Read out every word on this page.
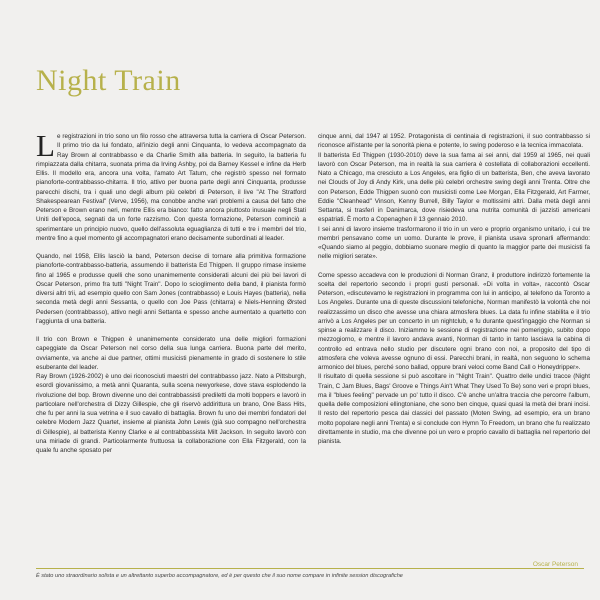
Night Train

Le registrazioni in trio sono un filo rosso che attraversa tutta la carriera di Oscar Peterson. Il primo trio da lui fondato, all'inizio degli anni Cinquanta, lo vedeva accompagnato da Ray Brown al contrabbasso e da Charlie Smith alla batteria. In seguito, la batteria fu rimpiazzata dalla chitarra, suonata prima da Irving Ashby, poi da Barney Kessel e infine da Herb Ellis. Il modello era, ancora una volta, l'amato Art Tatum, che registrò spesso nel formato pianoforte-contrabbasso-chitarra. Il trio, attivo per buona parte degli anni Cinquanta, produsse parecchi dischi, tra i quali uno degli album più celebri di Peterson, il live "At The Stratford Shakespearean Festival" (Verve, 1956), ma conobbe anche vari problemi a causa del fatto che Peterson e Brown erano neri, mentre Ellis era bianco: fatto ancora piuttosto inusuale negli Stati Uniti dell'epoca, segnati da un forte razzismo. Con questa formazione, Peterson cominciò a sperimentare un principio nuovo, quello dell'assoluta eguaglianza di tutti e tre i membri del trio, mentre fino a quel momento gli accompagnatori erano decisamente subordinati al leader.

Quando, nel 1958, Ellis lasciò la band, Peterson decise di tornare alla primitiva formazione pianoforte-contrabbasso-batteria, assumendo il batterista Ed Thigpen. Il gruppo rimase insieme fino al 1965 e produsse quelli che sono unanimemente considerati alcuni dei più bei lavori di Oscar Peterson, primo fra tutti "Night Train". Dopo lo scioglimento della band, il pianista formò diversi altri trii, ad esempio quello con Sam Jones (contrabbasso) e Louis Hayes (batteria), nella seconda metà degli anni Sessanta, o quello con Joe Pass (chitarra) e Niels-Henning Ørsted Pedersen (contrabbasso), attivo negli anni Settanta e spesso anche aumentato a quartetto con l'aggiunta di una batteria.

Il trio con Brown e Thigpen è unanimemente considerato una delle migliori formazioni capeggiate da Oscar Peterson nel corso della sua lunga carriera. Buona parte del merito, ovviamente, va anche ai due partner, ottimi musicisti pienamente in grado di sostenere lo stile esuberante del leader.

Ray Brown (1926-2002) è uno dei riconosciuti maestri del contrabbasso jazz. Nato a Pittsburgh, esordì giovanissimo, a metà anni Quaranta, sulla scena newyorkese, dove stava esplodendo la rivoluzione del bop. Brown divenne uno dei contrabbassisti prediletti da molti boppers e lavorò in particolare nell'orchestra di Dizzy Gillespie, che gli riservò addirittura un brano, One Bass Hits, che fu per anni la sua vetrina e il suo cavallo di battaglia. Brown fu uno dei membri fondatori del celebre Modern Jazz Quartet, insieme al pianista John Lewis (già suo compagno nell'orchestra di Gillespie), al batterista Kenny Clarke e al contrabbassista Milt Jackson. In seguito lavorò con una miriade di grandi. Particolarmente fruttuosa la collaborazione con Ella Fitzgerald, con la quale fu anche sposato per

cinque anni, dal 1947 al 1952. Protagonista di centinaia di registrazioni, il suo contrabbasso si riconosce all'istante per la sonorità piena e potente, lo swing poderoso e la tecnica immacolata.

Il batterista Ed Thigpen (1930-2010) deve la sua fama ai sei anni, dal 1959 al 1965, nei quali lavorò con Oscar Peterson, ma in realtà la sua carriera è costellata di collaborazioni eccellenti. Nato a Chicago, ma cresciuto a Los Angeles, era figlio di un batterista, Ben, che aveva lavorato nei Clouds of Joy di Andy Kirk, una delle più celebri orchestre swing degli anni Trenta. Oltre che con Peterson, Edde Thigpen suonò con musicisti come Lee Morgan, Ella Fitzgerald, Art Farmer, Eddie "Cleanhead" Vinson, Kenny Burrell, Billy Taylor e moltissimi altri. Dalla metà degli anni Settanta, si trasferì in Danimarca, dove risiedeva una nutrita comunità di jazzisti americani espatriati. È morto a Copenaghen il 13 gennaio 2010.

I sei anni di lavoro insieme trasformarono il trio in un vero e proprio organismo unitario, i cui tre membri pensavano come un uomo. Durante le prove, il pianista usava spronarli affermando: «Quando siamo al peggio, dobbiamo suonare meglio di quanto la maggior parte dei musicisti fa nelle migliori serate».

Come spesso accadeva con le produzioni di Norman Granz, il produttore indirizzò fortemente la scelta del repertorio secondo i propri gusti personali. «Di volta in volta», raccontò Oscar Peterson, «discutevamo le registrazioni in programma con lui in anticipo, al telefono da Toronto a Los Angeles. Durante una di queste discussioni telefoniche, Norman manifestò la volontà che noi realizzassimo un disco che avesse una chiara atmosfera blues. La data fu infine stabilita e il trio arrivò a Los Angeles per un concerto in un nightclub, e fu durante quest'ingaggio che Norman si spinse a realizzare il disco. Iniziammo le sessione di registrazione nei pomeriggio, subito dopo mezzogiorno, e mentre il lavoro andava avanti, Norman di tanto in tanto lasciava la cabina di controllo ed entrava nello studio per discutere ogni brano con noi, a proposito del tipo di atmosfera che voleva avesse ognuno di essi. Parecchi brani, in realtà, non seguono lo schema armonico del blues, perché sono ballad, oppure brani veloci come Band Call o Honeydripper».

Il risultato di quella sessione si può ascoltare in "Night Train". Quattro delle undici tracce (Night Train, C Jam Blues, Bags' Groove e Things Ain't What They Used To Be) sono veri e propri blues, ma il "blues feeling" pervade un po' tutto il disco. C'è anche un'altra traccia che percorre l'album, quella delle composizioni ellingtoniane, che sono ben cinque, quasi quasi la metà dei brani incisi. Il resto del repertorio pesca dai classici del passato (Moten Swing, ad esempio, era un brano molto popolare negli anni Trenta) e si conclude con Hymn To Freedom, un brano che fu realizzato direttamente in studio, ma che divenne poi un vero e proprio cavallo di battaglia nel repertorio del pianista.

Oscar Peterson
È stato uno straordinario solista e un altrettanto superbo accompagnatore, ed è per questo che il suo nome compare in infinite session discografiche
